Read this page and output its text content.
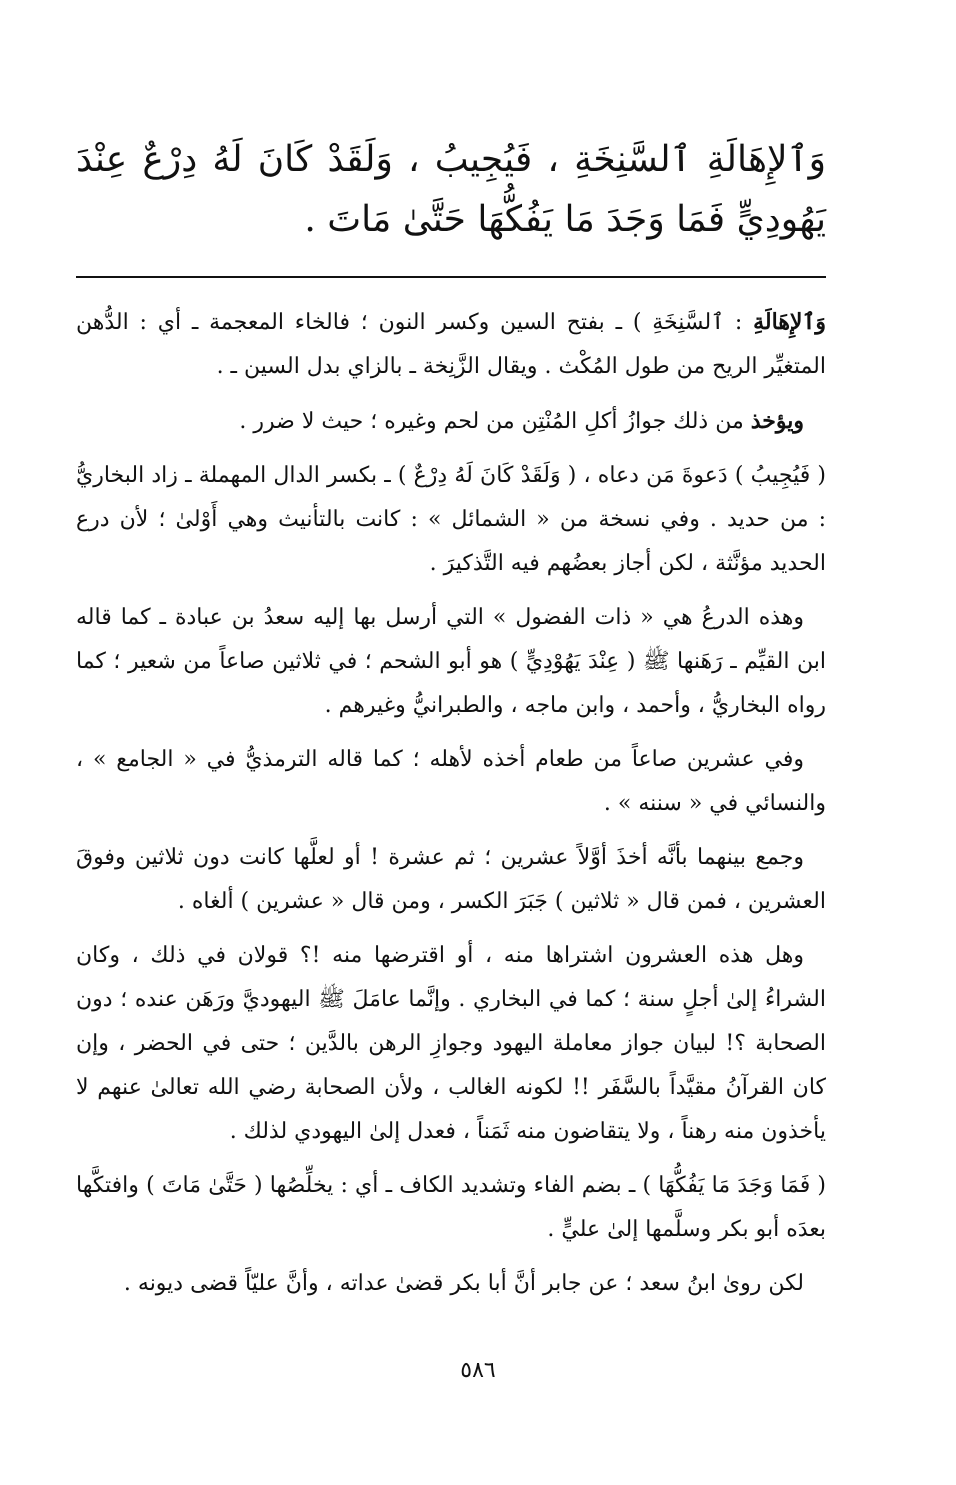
وَٱلإِهَالَةِ ٱلسَّنِخَةِ ، فَيُجِيبُ ، وَلَقَدْ كَانَ لَهُ دِرْعٌ عِنْدَ يَهُودِيٍّ فَمَا وَجَدَ مَا يَفُكُّهَا حَتَّىٰ مَاتَ .

وَٱلإِهَالَةِ : ٱلسَّنِخَةِ ) ـ بفتح السين وكسر النون ؛ فالخاء المعجمة ـ أي : الدُّهن المتغيِّر الريح من طول المُكْث . ويقال الزَّنِخة ـ بالزاي بدل السين ـ .

ويؤخذ من ذلك جوازُ أكلِ المُنْتِن من لحم وغيره ؛ حيث لا ضرر .

( فَيُجِيبُ ) دَعوةَ مَن دعاه ، ( وَلَقَدْ كَانَ لَهُ دِرْعٌ ) ـ بكسر الدال المهملة ـ زاد البخاريُّ : من حديد . وفي نسخة من « الشمائل » : كانت بالتأنيث وهي أَوْلىٰ ؛ لأن درع الحديد مؤنَّثة ، لكن أجاز بعضُهم فيه التَّذكيرَ .

وهذه الدرعُ هي « ذات الفضول » التي أرسل بها إليه سعدُ بن عبادة ـ كما قاله ابن القيِّم ـ رَهَنها ﷺ ( عِنْدَ يَهُوْدِيٍّ ) هو أبو الشحم ؛ في ثلاثين صاعاً من شعير ؛ كما رواه البخاريُّ ، وأحمد ، وابن ماجه ، والطبرانيُّ وغيرهم .

وفي عشرين صاعاً من طعام أخذه لأهله ؛ كما قاله الترمذيُّ في « الجامع » ، والنسائي في « سننه » .

وجمع بينهما بأنَّه أخذَ أوَّلاً عشرين ؛ ثم عشرة ! أو لعلَّها كانت دون ثلاثين وفوقَ العشرين ، فمن قال « ثلاثين ) جَبَرَ الكسر ، ومن قال « عشرين ) ألغاه .

وهل هذه العشرون اشتراها منه ، أو اقترضها منه !؟ قولان في ذلك ، وكان الشراءُ إلىٰ أجلٍ سنة ؛ كما في البخاري . وإنَّما عامَلَ ﷺ اليهوديَّ ورَهَن عنده ؛ دون الصحابة ؟! لبيان جواز معاملة اليهود وجوازِ الرهن بالدَّين ؛ حتى في الحضر ، وإن كان القرآنُ مقيَّداً بالسَّفَر !! لكونه الغالب ، ولأن الصحابة رضي الله تعالىٰ عنهم لا يأخذون منه رهناً ، ولا يتقاضون منه ثَمَناً ، فعدل إلىٰ اليهودي لذلك .

( فَمَا وَجَدَ مَا يَفُكُّهَا ) ـ بضم الفاء وتشديد الكاف ـ أي : يخلِّصُها ( حَتَّىٰ مَاتَ ) وافتكَّها بعدَه أبو بكر وسلَّمها إلىٰ عليٍّ .

لكن روىٰ ابنُ سعد ؛ عن جابر أنَّ أبا بكر قضىٰ عداته ، وأنَّ عليّاً قضى ديونه .

٥٨٦
